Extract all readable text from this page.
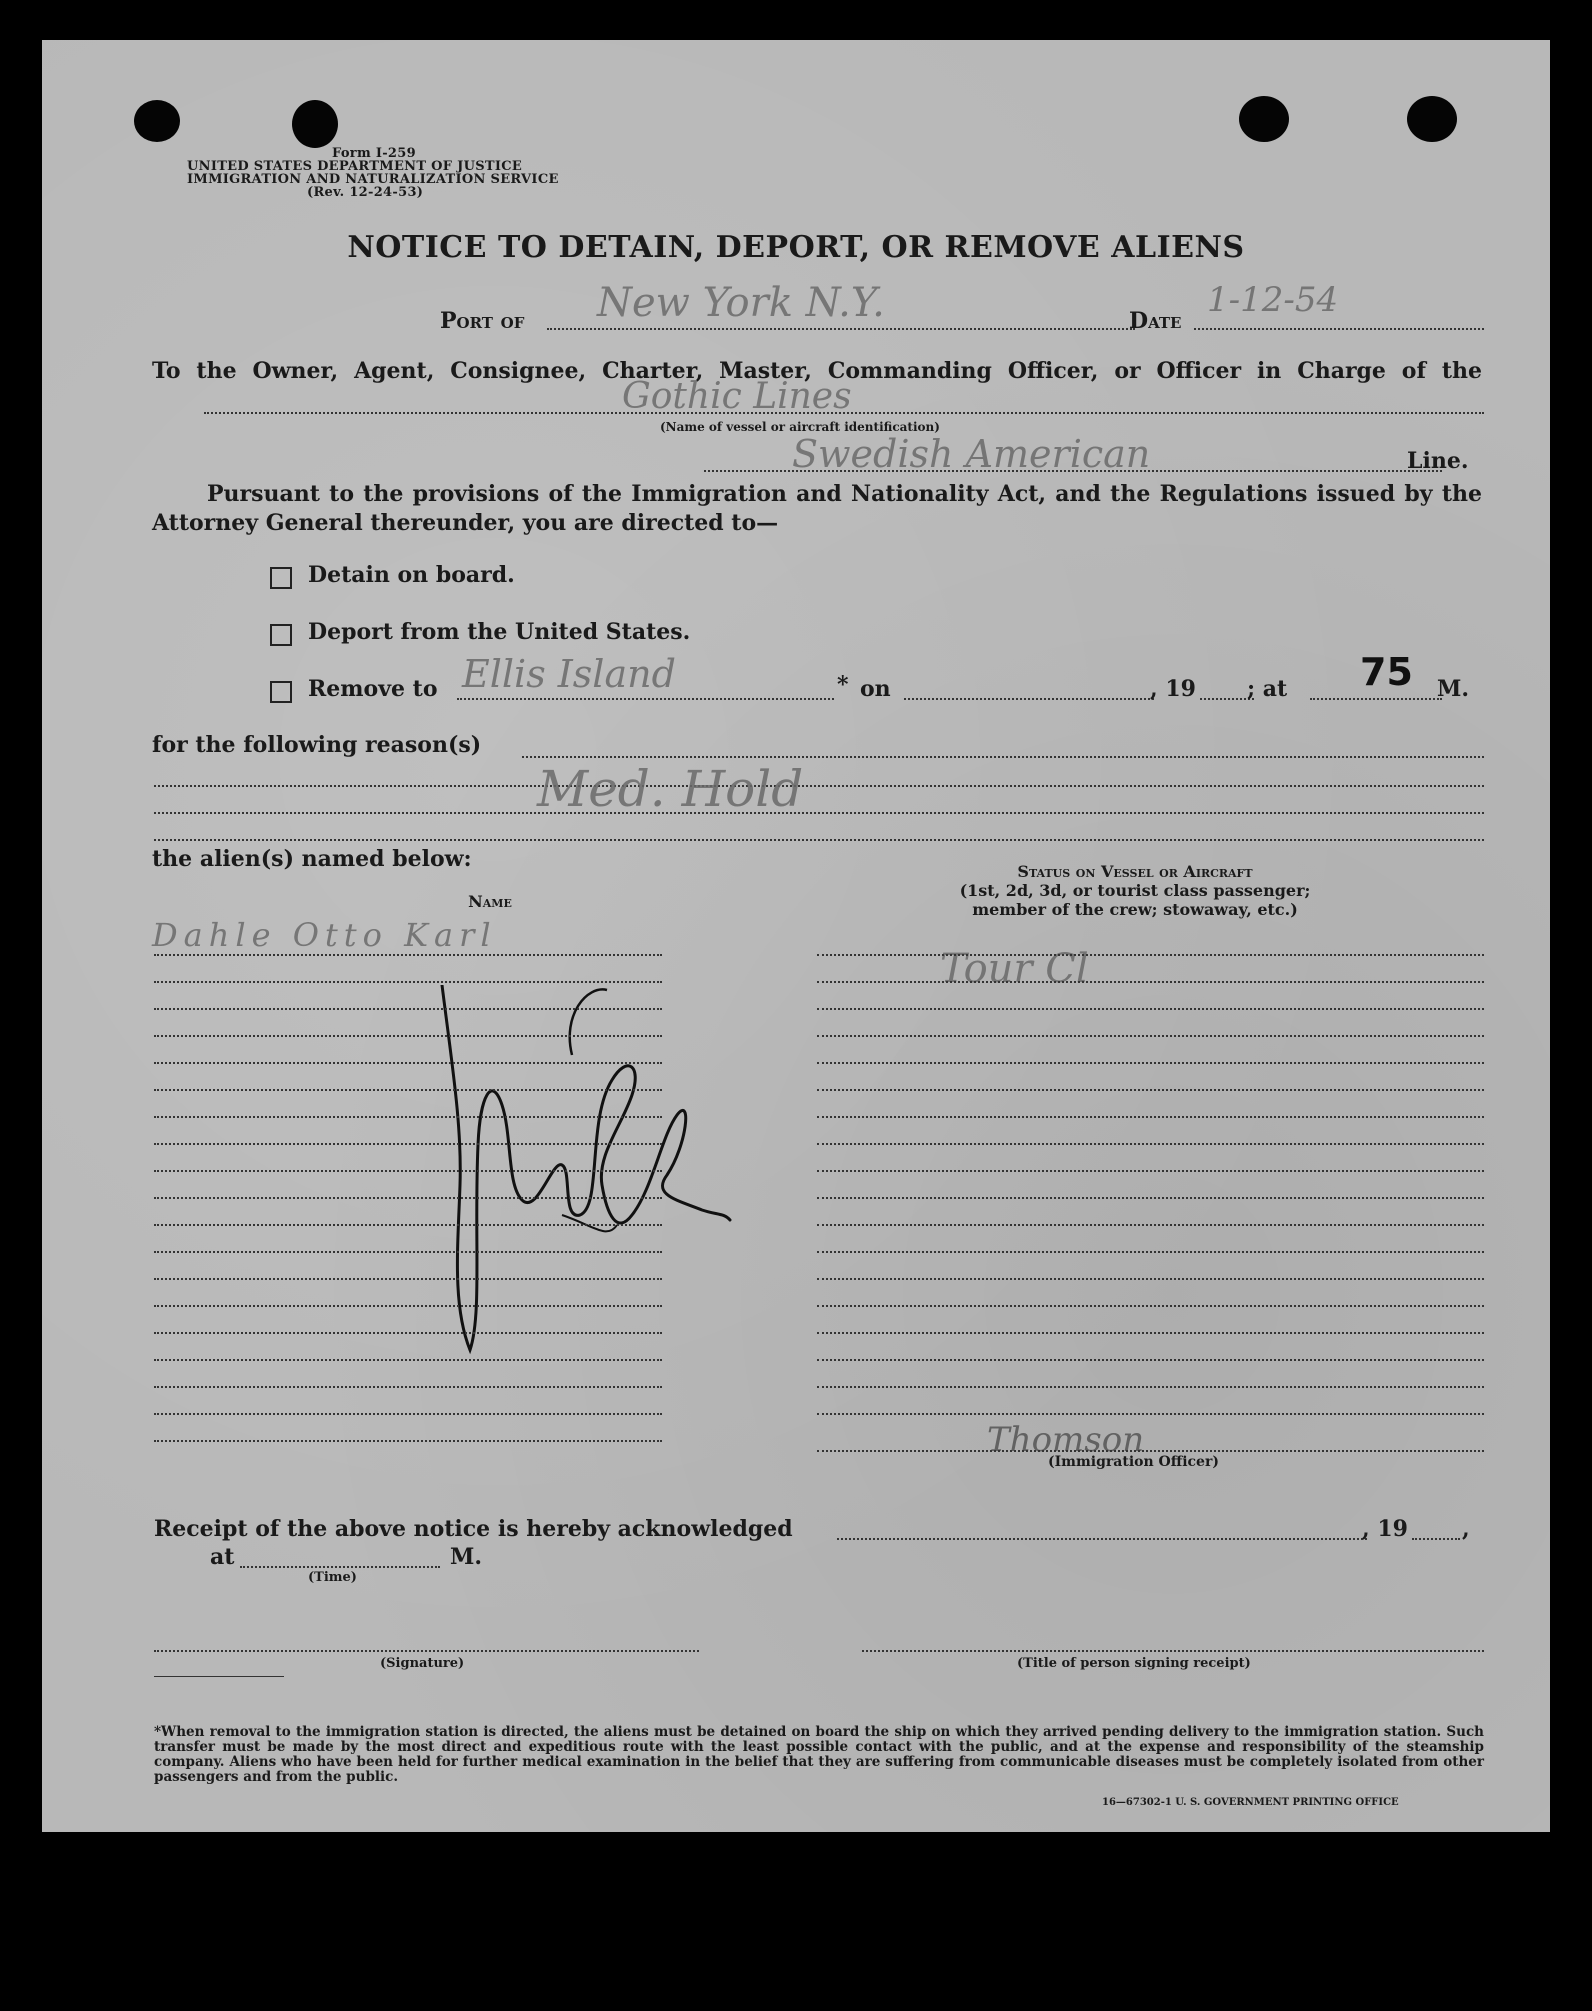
Form I-259
UNITED STATES DEPARTMENT OF JUSTICE
IMMIGRATION AND NATURALIZATION SERVICE
(Rev. 12-24-53)
NOTICE TO DETAIN, DEPORT, OR REMOVE ALIENS
Port of New York N.Y.	Date
1-12-54
To the Owner, Agent, Consignee, Charter, Master, Commanding Officer, or Officer in Charge of the
Gothic Lines
(Name of vessel or aircraft identification)
Swedish American	Line.
Pursuant to the provisions of the Immigration and Nationality Act, and the Regulations issued by the Attorney General thereunder, you are directed to—
Detain on board.
Deport from the United States.
Remove to Ellis Island	* on	, 19 ; at 75 M.
for the following reason(s)
Med. Hold
the alien(s) named below:
Name
Status on Vessel or Aircraft
(1st, 2d, 3d, or tourist class passenger;
member of the crew; stowaway, etc.)
Dahle Otto Karl
Tour Cl
Thomson
(Immigration Officer)
Receipt of the above notice is hereby acknowledged	, 19 ,
at	M.
(Time)
(Signature)	(Title of person signing receipt)
*When removal to the immigration station is directed, the aliens must be detained on board the ship on which they arrived pending delivery to the immigration station. Such transfer must be made by the most direct and expeditious route with the least possible contact with the public, and at the expense and responsibility of the steamship company. Aliens who have been held for further medical examination in the belief that they are suffering from communicable diseases must be completely isolated from other passengers and from the public.
16—67302-1 U. S. GOVERNMENT PRINTING OFFICE
